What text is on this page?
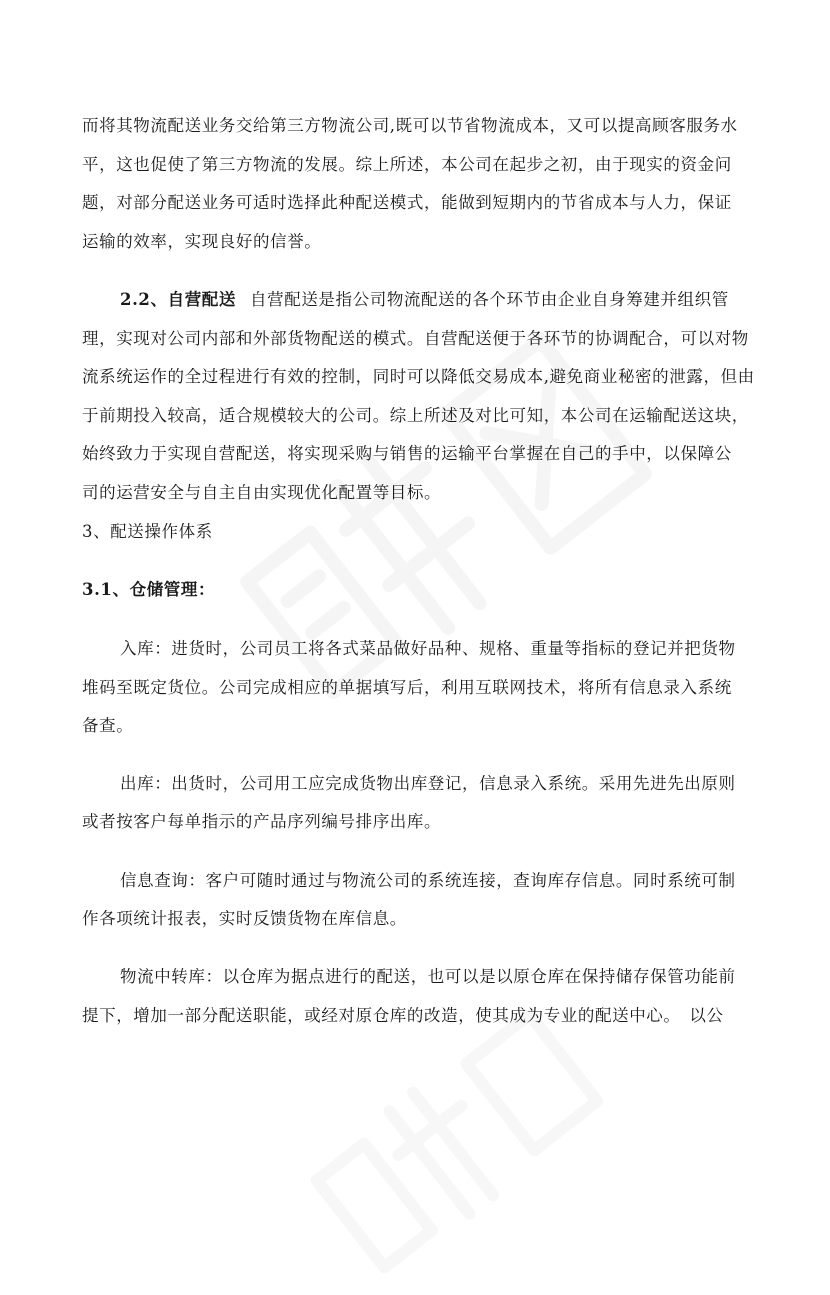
而将其物流配送业务交给第三方物流公司,既可以节省物流成本，又可以提高顾客服务水
平，这也促使了第三方物流的发展。综上所述，本公司在起步之初，由于现实的资金问
题，对部分配送业务可适时选择此种配送模式，能做到短期内的节省成本与人力，保证
运输的效率，实现良好的信誉。
2.2、自营配送 自营配送是指公司物流配送的各个环节由企业自身筹建并组织管
理，实现对公司内部和外部货物配送的模式。自营配送便于各环节的协调配合，可以对物
流系统运作的全过程进行有效的控制，同时可以降低交易成本,避免商业秘密的泄露，但由
于前期投入较高，适合规模较大的公司。综上所述及对比可知，本公司在运输配送这块，
始终致力于实现自营配送，将实现采购与销售的运输平台掌握在自己的手中，以保障公
司的运营安全与自主自由实现优化配置等目标。
3、配送操作体系
3.1、仓储管理：
入库：进货时，公司员工将各式菜品做好品种、规格、重量等指标的登记并把货物
堆码至既定货位。公司完成相应的单据填写后，利用互联网技术，将所有信息录入系统
备查。
出库：出货时，公司用工应完成货物出库登记，信息录入系统。采用先进先出原则
或者按客户每单指示的产品序列编号排序出库。
信息查询：客户可随时通过与物流公司的系统连接，查询库存信息。同时系统可制
作各项统计报表，实时反馈货物在库信息。
物流中转库：以仓库为据点进行的配送，也可以是以原仓库在保持储存保管功能前
提下，增加一部分配送职能，或经对原仓库的改造，使其成为专业的配送中心。　以公
